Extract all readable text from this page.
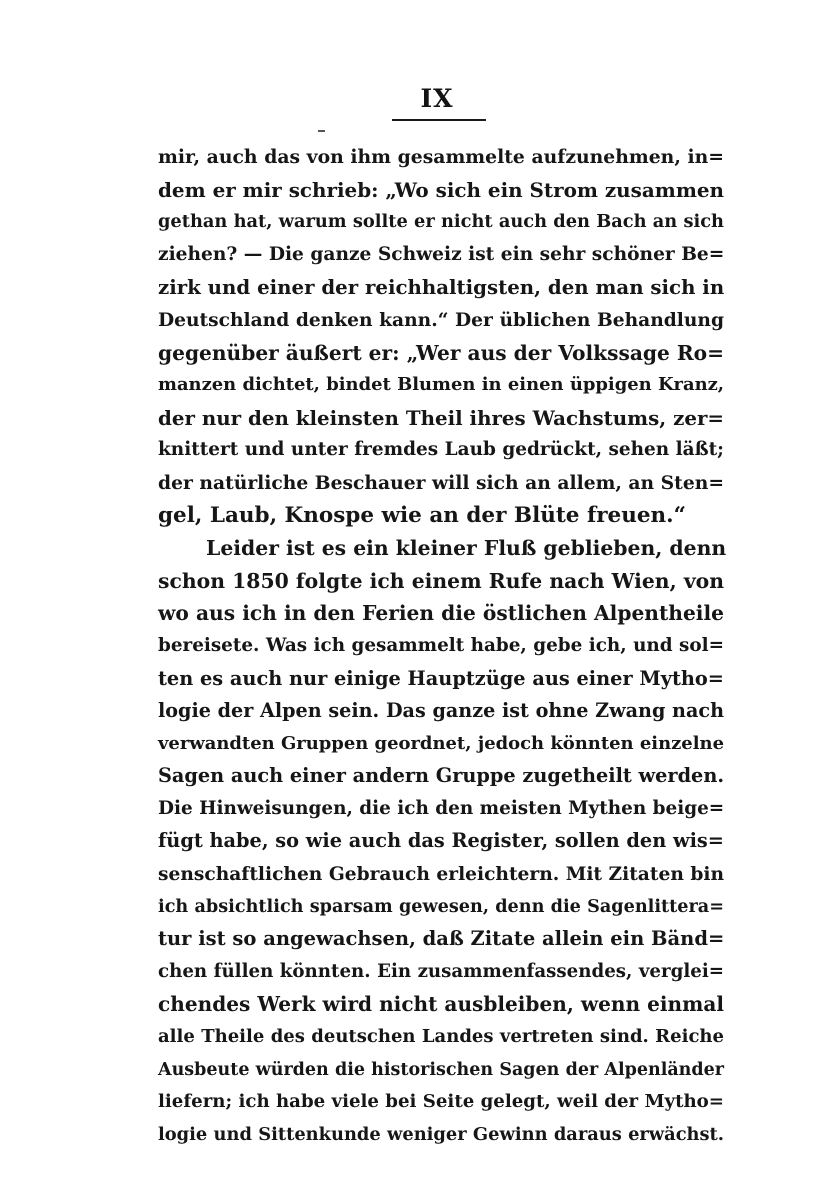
IX
mir, auch das von ihm gesammelte aufzunehmen, in=
dem er mir schrieb: „Wo sich ein Strom zusammen
gethan hat, warum sollte er nicht auch den Bach an sich
ziehen? — Die ganze Schweiz ist ein sehr schöner Be=
zirk und einer der reichhaltigsten, den man sich in
Deutschland denken kann.“ Der üblichen Behandlung
gegenüber äußert er: „Wer aus der Volkssage Ro=
manzen dichtet, bindet Blumen in einen üppigen Kranz,
der nur den kleinsten Theil ihres Wachstums, zer=
knittert und unter fremdes Laub gedrückt, sehen läßt;
der natürliche Beschauer will sich an allem, an Sten=
gel, Laub, Knospe wie an der Blüte freuen.“
Leider ist es ein kleiner Fluß geblieben, denn
schon 1850 folgte ich einem Rufe nach Wien, von
wo aus ich in den Ferien die östlichen Alpentheile
bereisete. Was ich gesammelt habe, gebe ich, und sol=
ten es auch nur einige Hauptzüge aus einer Mytho=
logie der Alpen sein. Das ganze ist ohne Zwang nach
verwandten Gruppen geordnet, jedoch könnten einzelne
Sagen auch einer andern Gruppe zugetheilt werden.
Die Hinweisungen, die ich den meisten Mythen beige=
fügt habe, so wie auch das Register, sollen den wis=
senschaftlichen Gebrauch erleichtern. Mit Zitaten bin
ich absichtlich sparsam gewesen, denn die Sagenlittera=
tur ist so angewachsen, daß Zitate allein ein Bänd=
chen füllen könnten. Ein zusammenfassendes, verglei=
chendes Werk wird nicht ausbleiben, wenn einmal
alle Theile des deutschen Landes vertreten sind. Reiche
Ausbeute würden die historischen Sagen der Alpenländer
liefern; ich habe viele bei Seite gelegt, weil der Mytho=
logie und Sittenkunde weniger Gewinn daraus erwächst.
